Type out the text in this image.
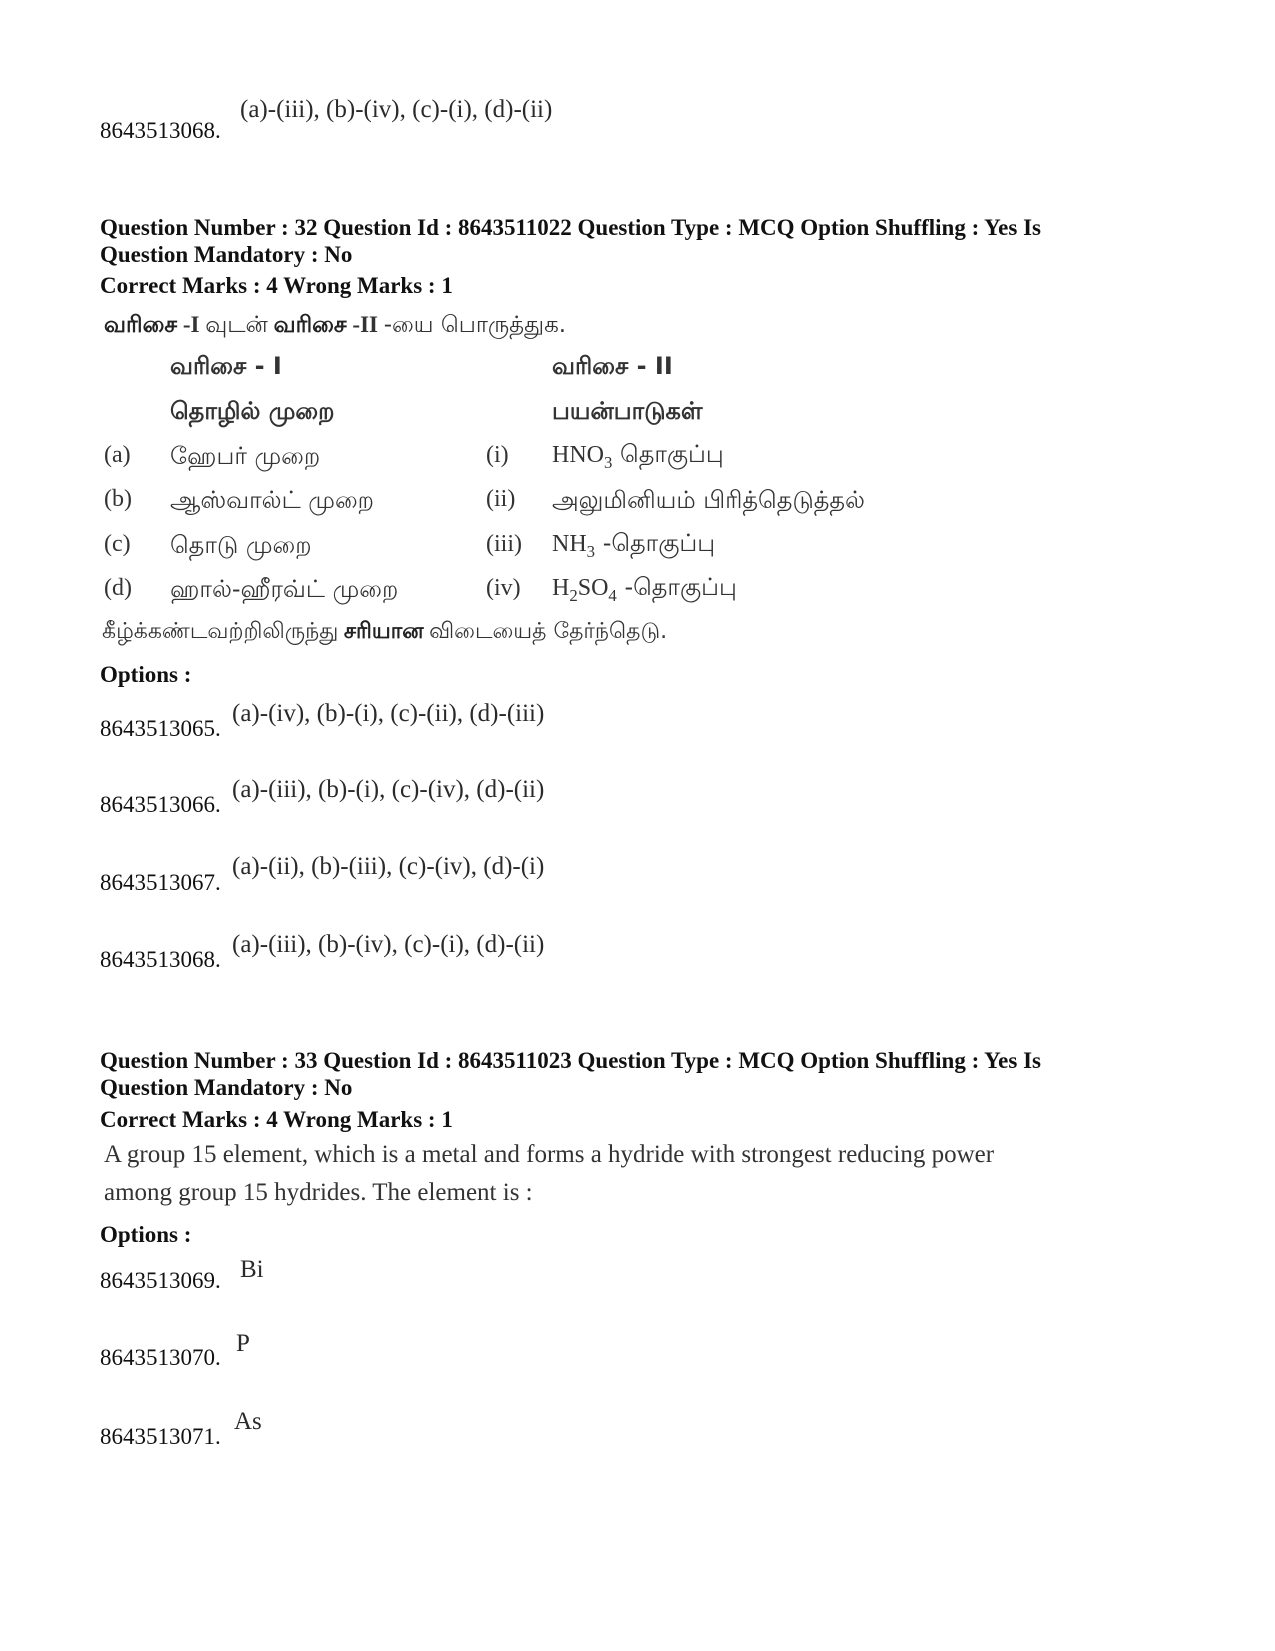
8643513068.
(a)-(iii), (b)-(iv), (c)-(i), (d)-(ii)
Question Number : 32 Question Id : 8643511022 Question Type : MCQ Option Shuffling : Yes Is
Question Mandatory : No
Correct Marks : 4 Wrong Marks : 1
வரிசை -I வுடன் வரிசை -II -யை பொருத்துக.
வரிசை - I	வரிசை - II
தொழில் முறை	பயன்பாடுகள்
(a) ஹேபர் முறை	(i) $HNO_3$ தொகுப்பு
(b) ஆஸ்வால்ட் முறை	(ii) அலுமினியம் பிரித்தெடுத்தல்
(c) தொடு முறை	(iii) $NH_3$ -தொகுப்பு
(d) ஹால்-ஹீரவ்ட் முறை	(iv) $H_2SO_4$ -தொகுப்பு
கீழ்க்கண்டவற்றிலிருந்து சரியான விடையைத் தேர்ந்தெடு.
Options :
8643513065.
(a)-(iv), (b)-(i), (c)-(ii), (d)-(iii)
8643513066.
(a)-(iii), (b)-(i), (c)-(iv), (d)-(ii)
8643513067.
(a)-(ii), (b)-(iii), (c)-(iv), (d)-(i)
8643513068.
(a)-(iii), (b)-(iv), (c)-(i), (d)-(ii)
Question Number : 33 Question Id : 8643511023 Question Type : MCQ Option Shuffling : Yes Is
Question Mandatory : No
Correct Marks : 4 Wrong Marks : 1
A group 15 element, which is a metal and forms a hydride with strongest reducing power
among group 15 hydrides. The element is :
Options :
8643513069. Bi
8643513070.
P
8643513071.
As
